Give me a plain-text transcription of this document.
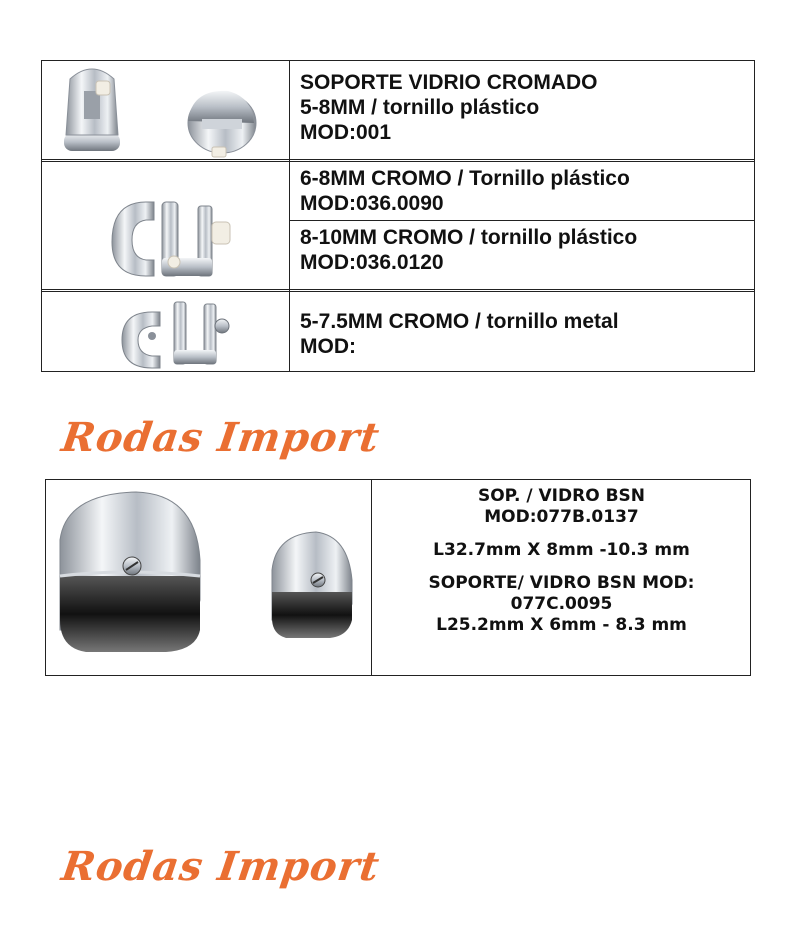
SOPORTE VIDRIO CROMADO
5-8MM / tornillo plástico
MOD:001
6-8MM CROMO / Tornillo plástico
MOD:036.0090
8-10MM CROMO / tornillo plástico
MOD:036.0120
5-7.5MM CROMO / tornillo metal
MOD:
Rodas Import

SOP. / VIDRO BSN

MOD:077B.0137

L32.7mm X 8mm -10.3 mm

SOPORTE/ VIDRO BSN MOD:

077C.0095

L25.2mm X 6mm - 8.3 mm

Rodas Import
